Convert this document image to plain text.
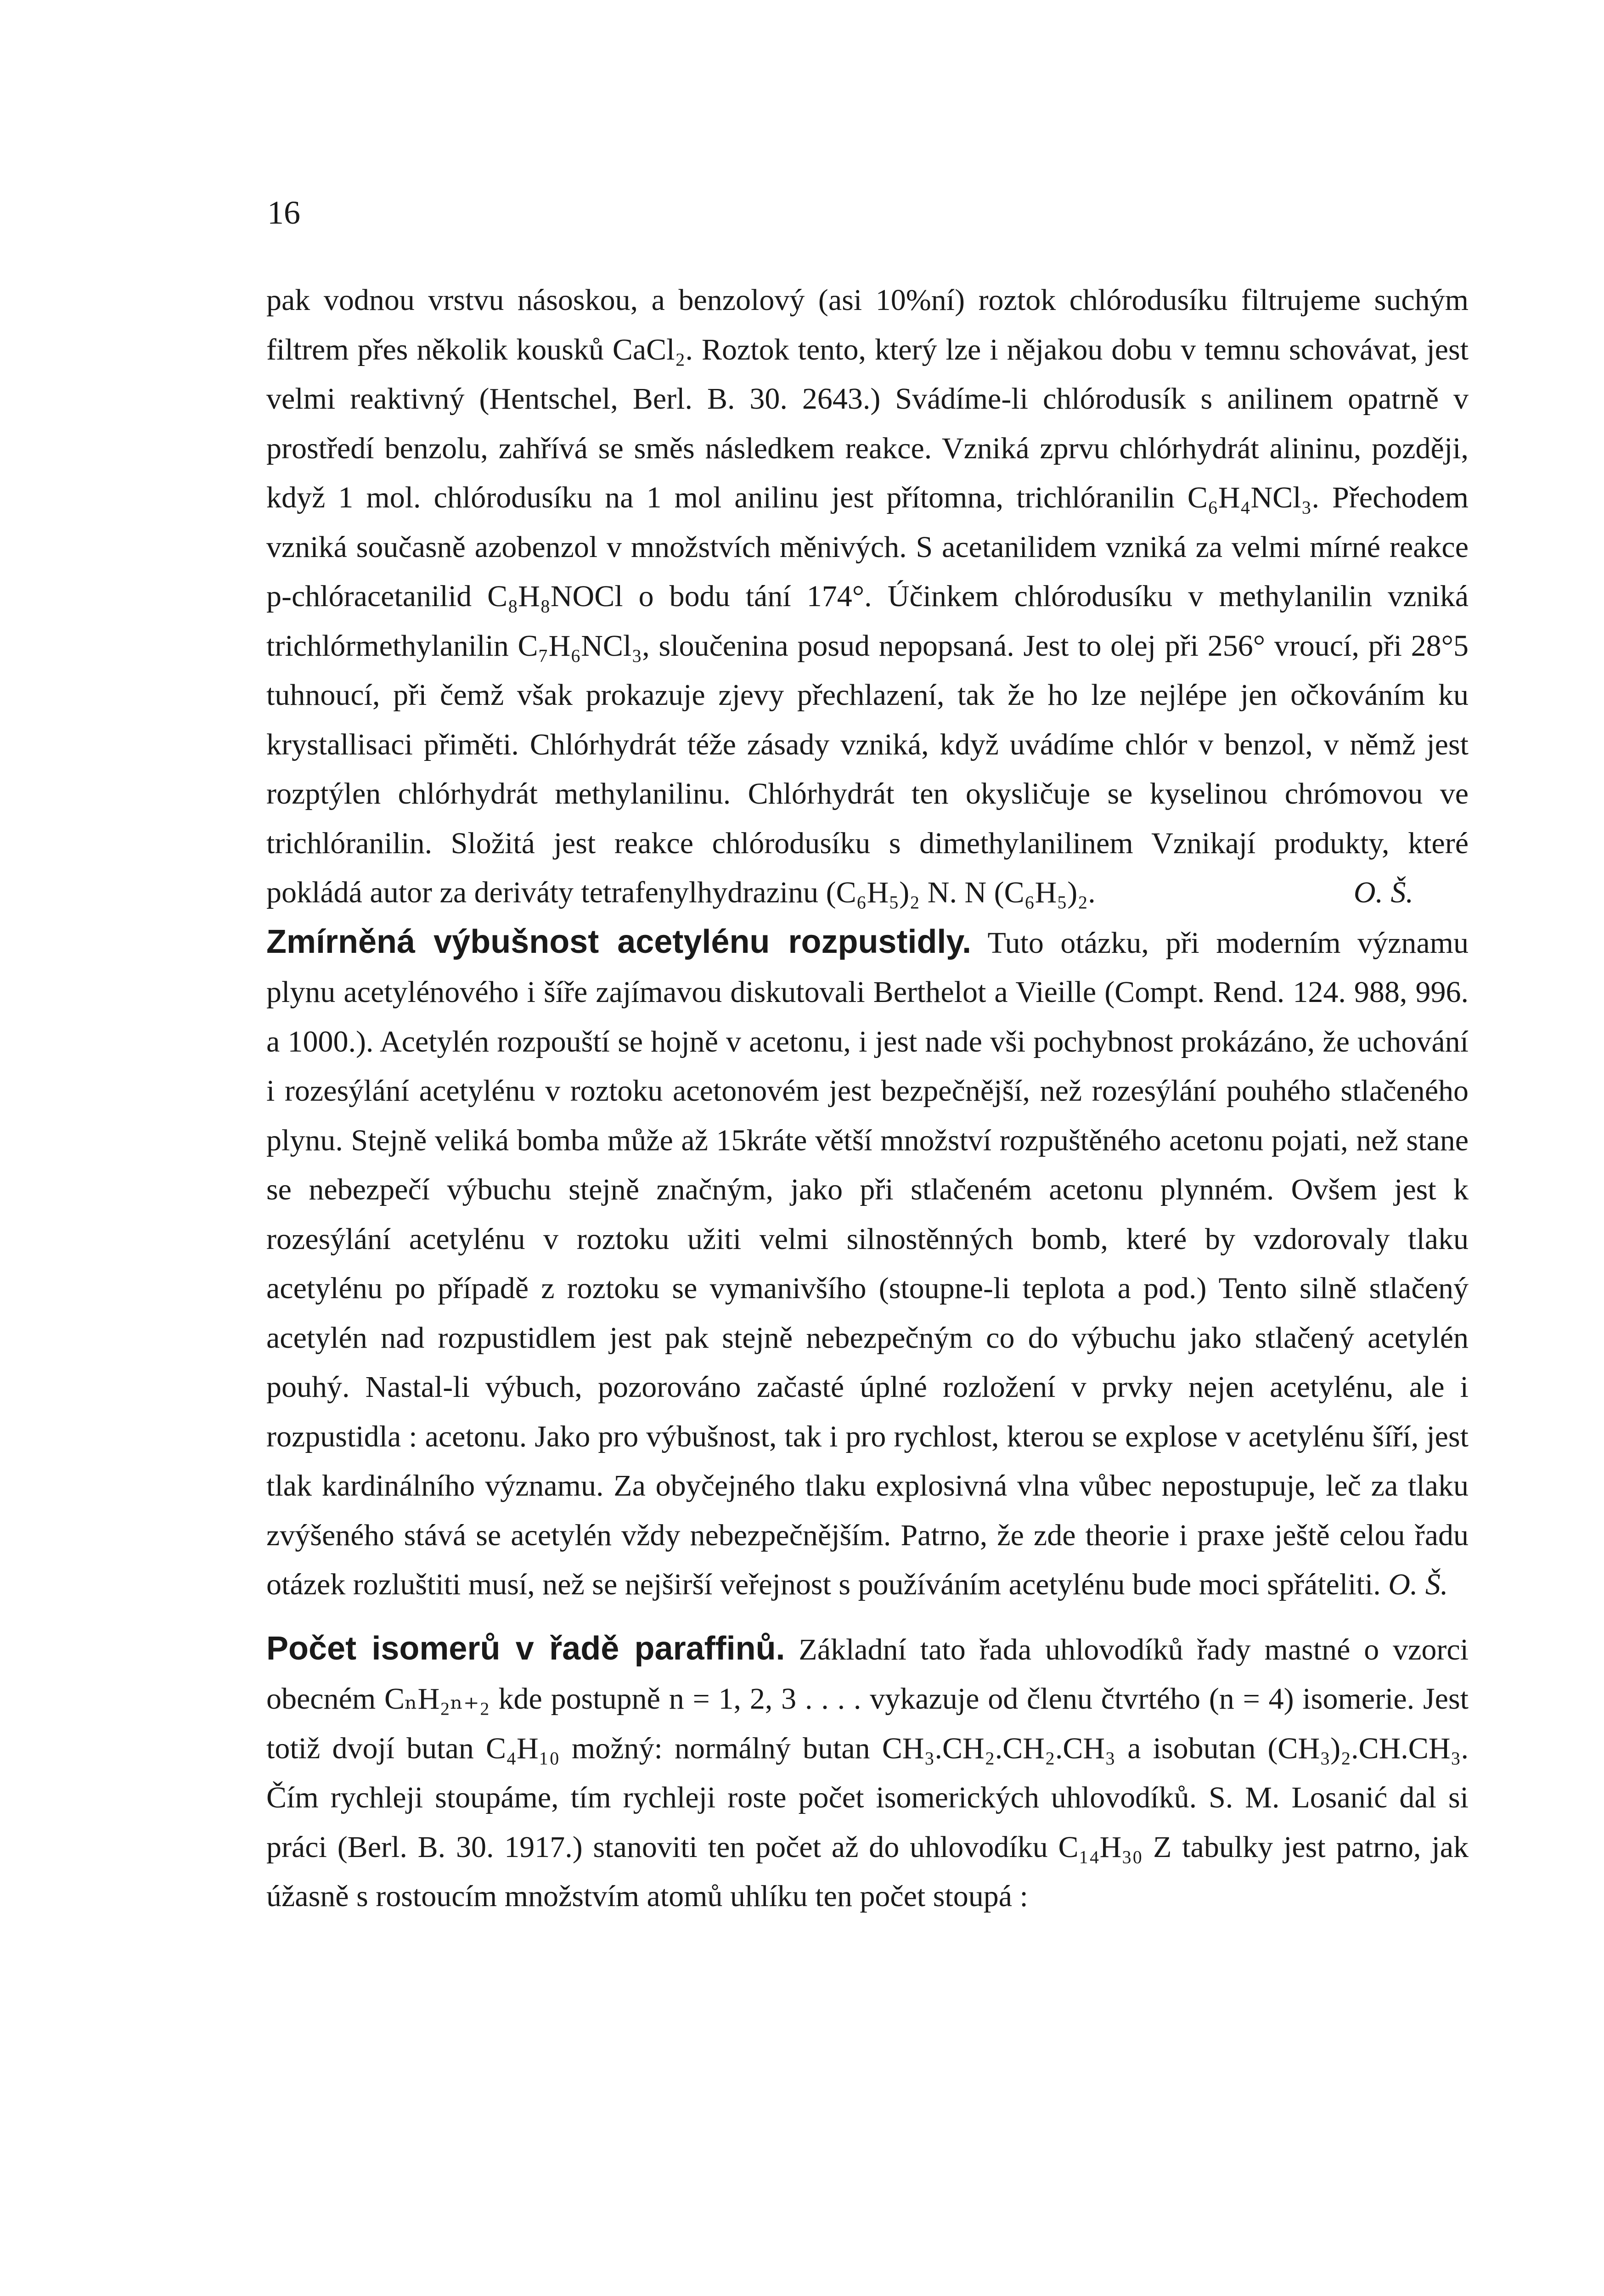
16

pak vodnou vrstvu násoskou, a benzolový (asi 10%ní) roztok chlórodusíku filtrujeme suchým filtrem přes několik kousků CaCl₂. Roztok tento, který lze i nějakou dobu v temnu schovávat, jest velmi reaktivný (Hentschel, Berl. B. 30. 2643.) Svádíme-li chlórodusík s anilinem opatrně v prostředí benzolu, zahřívá se směs následkem reakce. Vzniká zprvu chlórhydrát alininu, později, když 1 mol. chlórodusíku na 1 mol anilinu jest přítomna, trichlóranilin C₆H₄NCl₃. Přechodem vzniká současně azobenzol v množstvích měnivých. S acetanilidem vzniká za velmi mírné reakce p-chlóracetanilid C₈H₈NOCl o bodu tání 174°. Účinkem chlórodusíku v methylanilin vzniká trichlórmethylanilin C₇H₆NCl₃, sloučenina posud nepopsaná. Jest to olej při 256° vroucí, při 28°5 tuhnoucí, při čemž však prokazuje zjevy přechlazení, tak že ho lze nejlépe jen očkováním ku krystallisaci přiměti. Chlórhydrát téže zásady vzniká, když uvádíme chlór v benzol, v němž jest rozptýlen chlórhydrát methylanilinu. Chlórhydrát ten okysličuje se kyselinou chrómovou ve trichlóranilin. Složitá jest reakce chlórodusíku s dimethylanilinem Vznikají produkty, které pokládá autor za deriváty tetrafenylhydrazinu (C₆H₅)₂ N. N (C₆H₅)₂.	O. Š.

Zmírněná výbušnost acetylénu rozpustidly. Tuto otázku, při moderním významu plynu acetylénového i šíře zajímavou diskutovali Berthelot a Vieille (Compt. Rend. 124. 988, 996. a 1000.). Acetylén rozpouští se hojně v acetonu, i jest nade vši pochybnost prokázáno, že uchování i rozesýlání acetylénu v roztoku acetonovém jest bezpečnější, než rozesýlání pouhého stlačeného plynu. Stejně veliká bomba může až 15kráte větší množství rozpuštěného acetonu pojati, než stane se nebezpečí výbuchu stejně značným, jako při stlačeném acetonu plynném. Ovšem jest k rozesýlání acetylénu v roztoku užiti velmi silnostěnných bomb, které by vzdorovaly tlaku acetylénu po případě z roztoku se vymanivšího (stoupne-li teplota a pod.) Tento silně stlačený acetylén nad rozpustidlem jest pak stejně nebezpečným co do výbuchu jako stlačený acetylén pouhý. Nastal-li výbuch, pozorováno začasté úplné rozložení v prvky nejen acetylénu, ale i rozpustidla : acetonu. Jako pro výbušnost, tak i pro rychlost, kterou se explose v acetylénu šíří, jest tlak kardinálního významu. Za obyčejného tlaku explosivná vlna vůbec nepostupuje, leč za tlaku zvýšeného stává se acetylén vždy nebezpečnějším. Patrno, že zde theorie i praxe ještě celou řadu otázek rozluštiti musí, než se nejširší veřejnost s používáním acetylénu bude moci spřáteliti. O. Š.

Počet isomerů v řadě paraffinů. Základní tato řada uhlovodíků řady mastné o vzorci obecném CₙH₂ₙ₊₂ kde postupně n = 1, 2, 3 . . . . vykazuje od členu čtvrtého (n = 4) isomerie. Jest totiž dvojí butan C₄H₁₀ možný: normálný butan CH₃.CH₂.CH₂.CH₃ a isobutan (CH₃)₂.CH.CH₃. Čím rychleji stoupáme, tím rychleji roste počet isomerických uhlovodíků. S. M. Losanić dal si práci (Berl. B. 30. 1917.) stanoviti ten počet až do uhlovodíku C₁₄H₃₀ Z tabulky jest patrno, jak úžasně s rostoucím množstvím atomů uhlíku ten počet stoupá :
